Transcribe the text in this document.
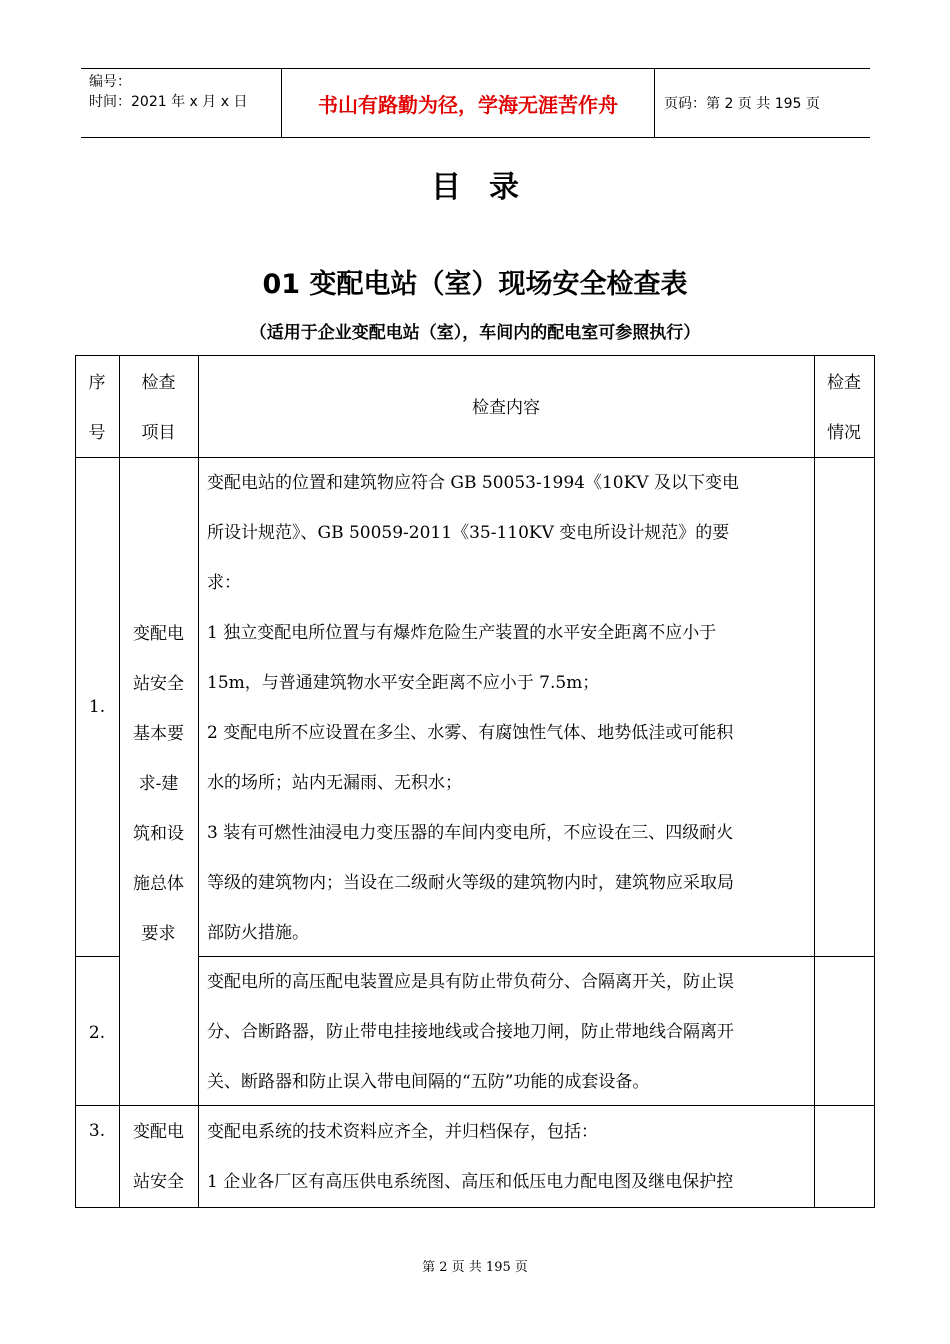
编号：
时间：2021 年 x 月 x 日	书山有路勤为径，学海无涯苦作舟	页码：第 2 页 共 195 页
目录
01 变配电站（室）现场安全检查表
（适用于企业变配电站（室），车间内的配电室可参照执行）
序
号
检查
项目
检查内容
检查
情况
1.
2.
3.
变配电
站安全
基本要
求-建
筑和设
施总体
要求
变配电
站安全

变配电站的位置和建筑物应符合 GB 50053-1994《10KV 及以下变电

所设计规范》、GB 50059-2011《35-110KV 变电所设计规范》的要

求：

1 独立变配电所位置与有爆炸危险生产装置的水平安全距离不应小于

15m，与普通建筑物水平安全距离不应小于 7.5m；

2 变配电所不应设置在多尘、水雾、有腐蚀性气体、地势低洼或可能积

水的场所；站内无漏雨、无积水；

3 装有可燃性油浸电力变压器的车间内变电所，不应设在三、四级耐火

等级的建筑物内；当设在二级耐火等级的建筑物内时，建筑物应采取局

部防火措施。

变配电所的高压配电装置应是具有防止带负荷分、合隔离开关，防止误

分、合断路器，防止带电挂接地线或合接地刀闸，防止带地线合隔离开

关、断路器和防止误入带电间隔的“五防”功能的成套设备。

变配电系统的技术资料应齐全，并归档保存，包括：

1 企业各厂区有高压供电系统图、高压和低压电力配电图及继电保护控

第 2 页 共 195 页
